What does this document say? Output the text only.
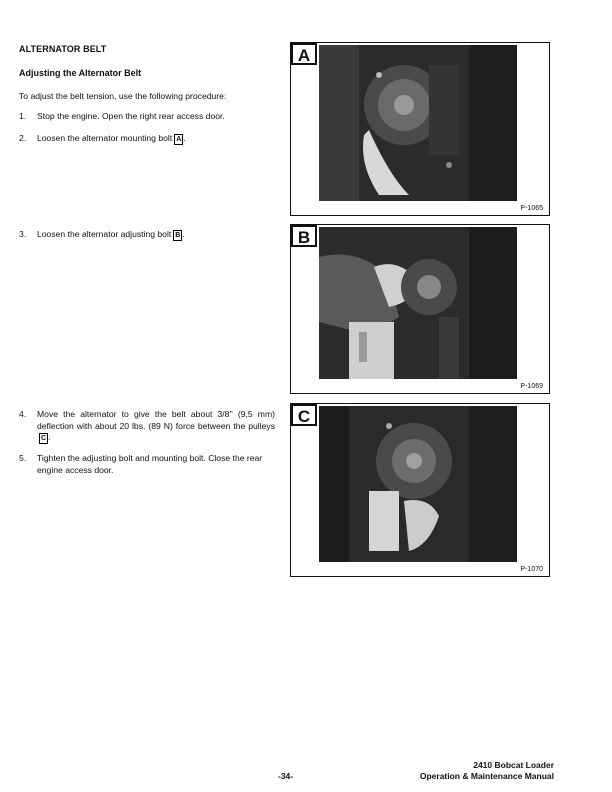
ALTERNATOR BELT
Adjusting the Alternator Belt
To adjust the belt tension, use the following procedure:
1. Stop the engine. Open the right rear access door.
2. Loosen the alternator mounting bolt A .
3. Loosen the alternator adjusting bolt B .
4. Move the alternator to give the belt about 3/8'' (9,5 mm) deflection with about 20 lbs. (89 N) force between the pulleysC .
5. Tighten the adjusting bolt and mounting bolt. Close the rear engine access door.
A
P-1065
B
P-1069
C
P-1070
-34-
2410 Bobcat Loader
Operation & Maintenance Manual
